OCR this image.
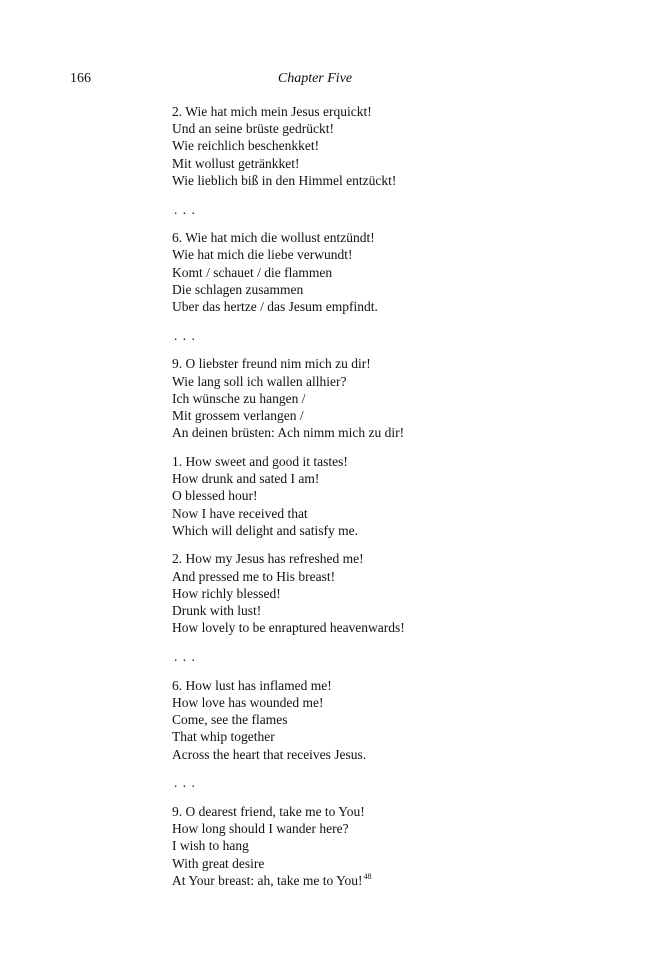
166	Chapter Five
2. Wie hat mich mein Jesus erquickt!
Und an seine brüste gedrückt!
Wie reichlich beschenkket!
Mit wollust getränkket!
Wie lieblich biß in den Himmel entzückt!
. . .
6. Wie hat mich die wollust entzündt!
Wie hat mich die liebe verwundt!
Komt / schauet / die flammen
Die schlagen zusammen
Uber das hertze / das Jesum empfindt.
. . .
9. O liebster freund nim mich zu dir!
Wie lang soll ich wallen allhier?
Ich wünsche zu hangen /
Mit grossem verlangen /
An deinen brüsten: Ach nimm mich zu dir!
1. How sweet and good it tastes!
How drunk and sated I am!
O blessed hour!
Now I have received that
Which will delight and satisfy me.
2. How my Jesus has refreshed me!
And pressed me to His breast!
How richly blessed!
Drunk with lust!
How lovely to be enraptured heavenwards!
. . .
6. How lust has inflamed me!
How love has wounded me!
Come, see the flames
That whip together
Across the heart that receives Jesus.
. . .
9. O dearest friend, take me to You!
How long should I wander here?
I wish to hang
With great desire
At Your breast: ah, take me to You!$^{48}$
